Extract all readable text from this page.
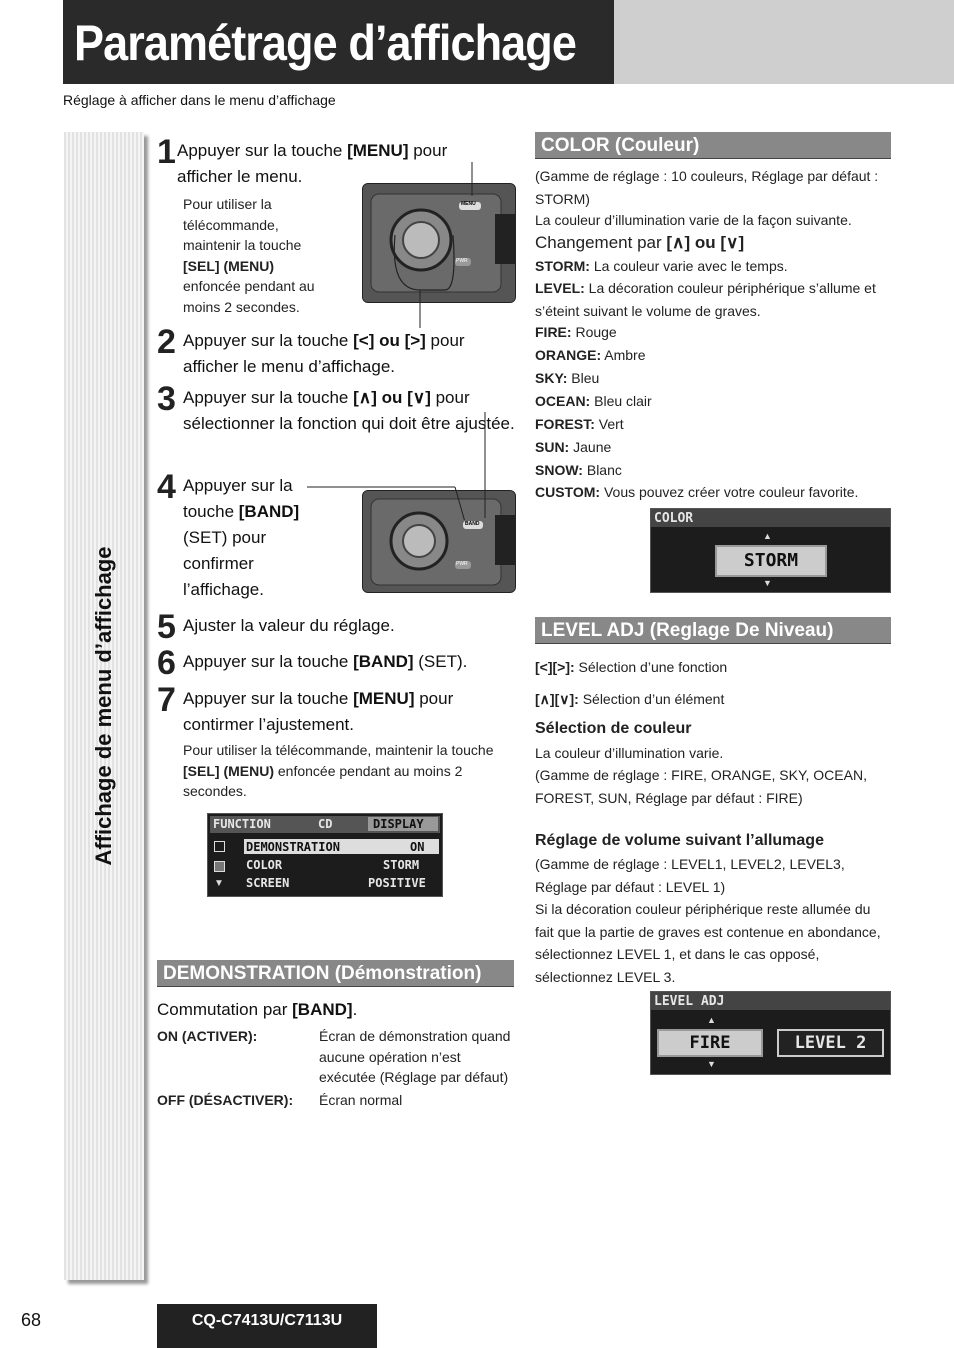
Paramétrage d’affichage
Réglage à afficher dans le menu d’affichage
Affichage de menu d’affichage
1 Appuyer sur la touche [MENU] pour afficher le menu.
Pour utiliser la télécommande, maintenir la touche [SEL] (MENU) enfoncée pendant au moins 2 secondes.
MENU
PWR
2 Appuyer sur la touche [<] ou [>] pour afficher le menu d’affichage.
3 Appuyer sur la touche [∧] ou [∨] pour sélectionner la fonction qui doit être ajustée.
4 Appuyer sur la touche [BAND] (SET) pour confirmer l’affichage.
BAND
PWR
5 Ajuster la valeur du réglage.
6 Appuyer sur la touche [BAND] (SET).
7 Appuyer sur la touche [MENU] pour contirmer l’ajustement.
Pour utiliser la télécommande, maintenir la touche [SEL] (MENU) enfoncée pendant au moins 2 secondes.
FUNCTION	CD	DISPLAY
DEMONSTRATION	ON
COLOR	STORM
▼ SCREEN	POSITIVE
DEMONSTRATION (Démonstration)
Commutation par [BAND].
ON (ACTIVER):	Écran de démonstration quand aucune opération n’est exécutée (Réglage par défaut)
OFF (DÉSACTIVER): Écran normal
COLOR (Couleur)
(Gamme de réglage : 10 couleurs, Réglage par défaut : STORM)
La couleur d’illumination varie de la façon suivante.
Changement par [∧] ou [∨]
STORM: La couleur varie avec le temps.
LEVEL: La décoration couleur périphérique s’allume et s’éteint suivant le volume de graves.
FIRE: Rouge
ORANGE: Ambre
SKY: Bleu
OCEAN: Bleu clair
FOREST: Vert
SUN: Jaune
SNOW: Blanc
CUSTOM: Vous pouvez créer votre couleur favorite.
COLOR
▲
STORM
▼
LEVEL ADJ (Reglage De Niveau)
[<][>]: Sélection d’une fonction
[∧][∨]: Sélection d’un élément
Sélection de couleur
La couleur d’illumination varie.
(Gamme de réglage : FIRE, ORANGE, SKY, OCEAN, FOREST, SUN, Réglage par défaut : FIRE)
Réglage de volume suivant l’allumage
(Gamme de réglage : LEVEL1, LEVEL2, LEVEL3, Réglage par défaut : LEVEL 1)
Si la décoration couleur périphérique reste allumée du fait que la partie de graves est contenue en abondance, sélectionnez LEVEL 1, et dans le cas opposé, sélectionnez LEVEL 3.
LEVEL ADJ
▲
FIRE	LEVEL 2
▼
68	CQ-C7413U/C7113U
